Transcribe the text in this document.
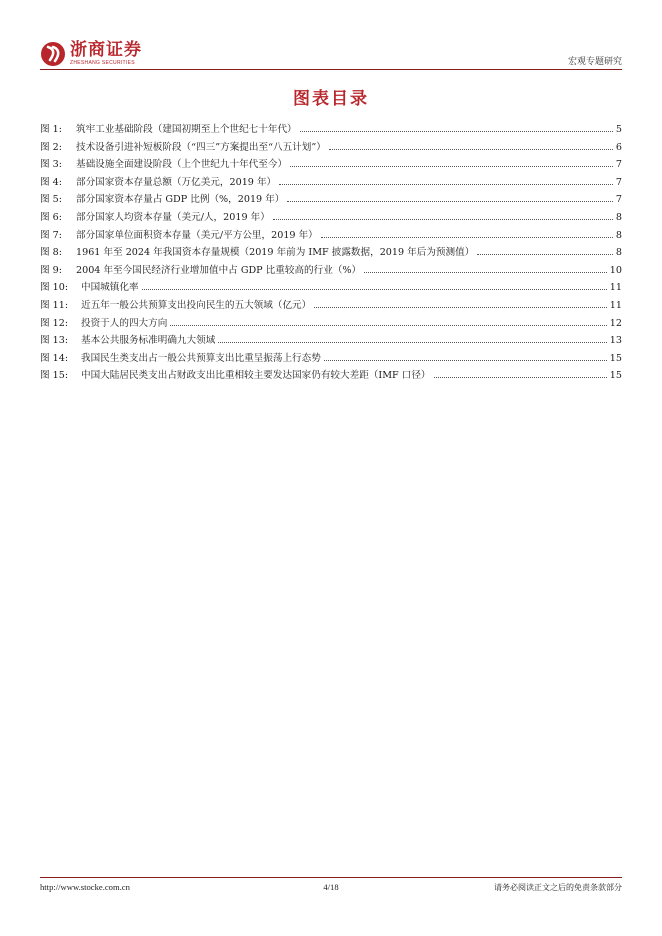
浙商证券
ZHESHANG SECURITIES	宏观专题研究
图表目录
图 1:	筑牢工业基础阶段（建国初期至上个世纪七十年代）	5
图 2:	技术设备引进补短板阶段（“四三”方案提出至“八五计划”）	6
图 3:	基础设施全面建设阶段（上个世纪九十年代至今）	7
图 4:	部分国家资本存量总额（万亿美元，2019 年）	7
图 5:	部分国家资本存量占 GDP 比例（%，2019 年）	7
图 6:	部分国家人均资本存量（美元/人，2019 年）	8
图 7:	部分国家单位面积资本存量（美元/平方公里，2019 年）	8
图 8:	1961 年至 2024 年我国资本存量规模（2019 年前为 IMF 披露数据，2019 年后为预测值）	8
图 9:	2004 年至今国民经济行业增加值中占 GDP 比重较高的行业（%）	10
图 10:	中国城镇化率	11
图 11:	近五年一般公共预算支出投向民生的五大领域（亿元）	11
图 12:	投资于人的四大方向	12
图 13:	基本公共服务标准明确九大领域	13
图 14:	我国民生类支出占一般公共预算支出比重呈振荡上行态势	15
图 15:	中国大陆居民类支出占财政支出比重相较主要发达国家仍有较大差距（IMF 口径）	15
http://www.stocke.com.cn	4/18	请务必阅读正文之后的免责条款部分
